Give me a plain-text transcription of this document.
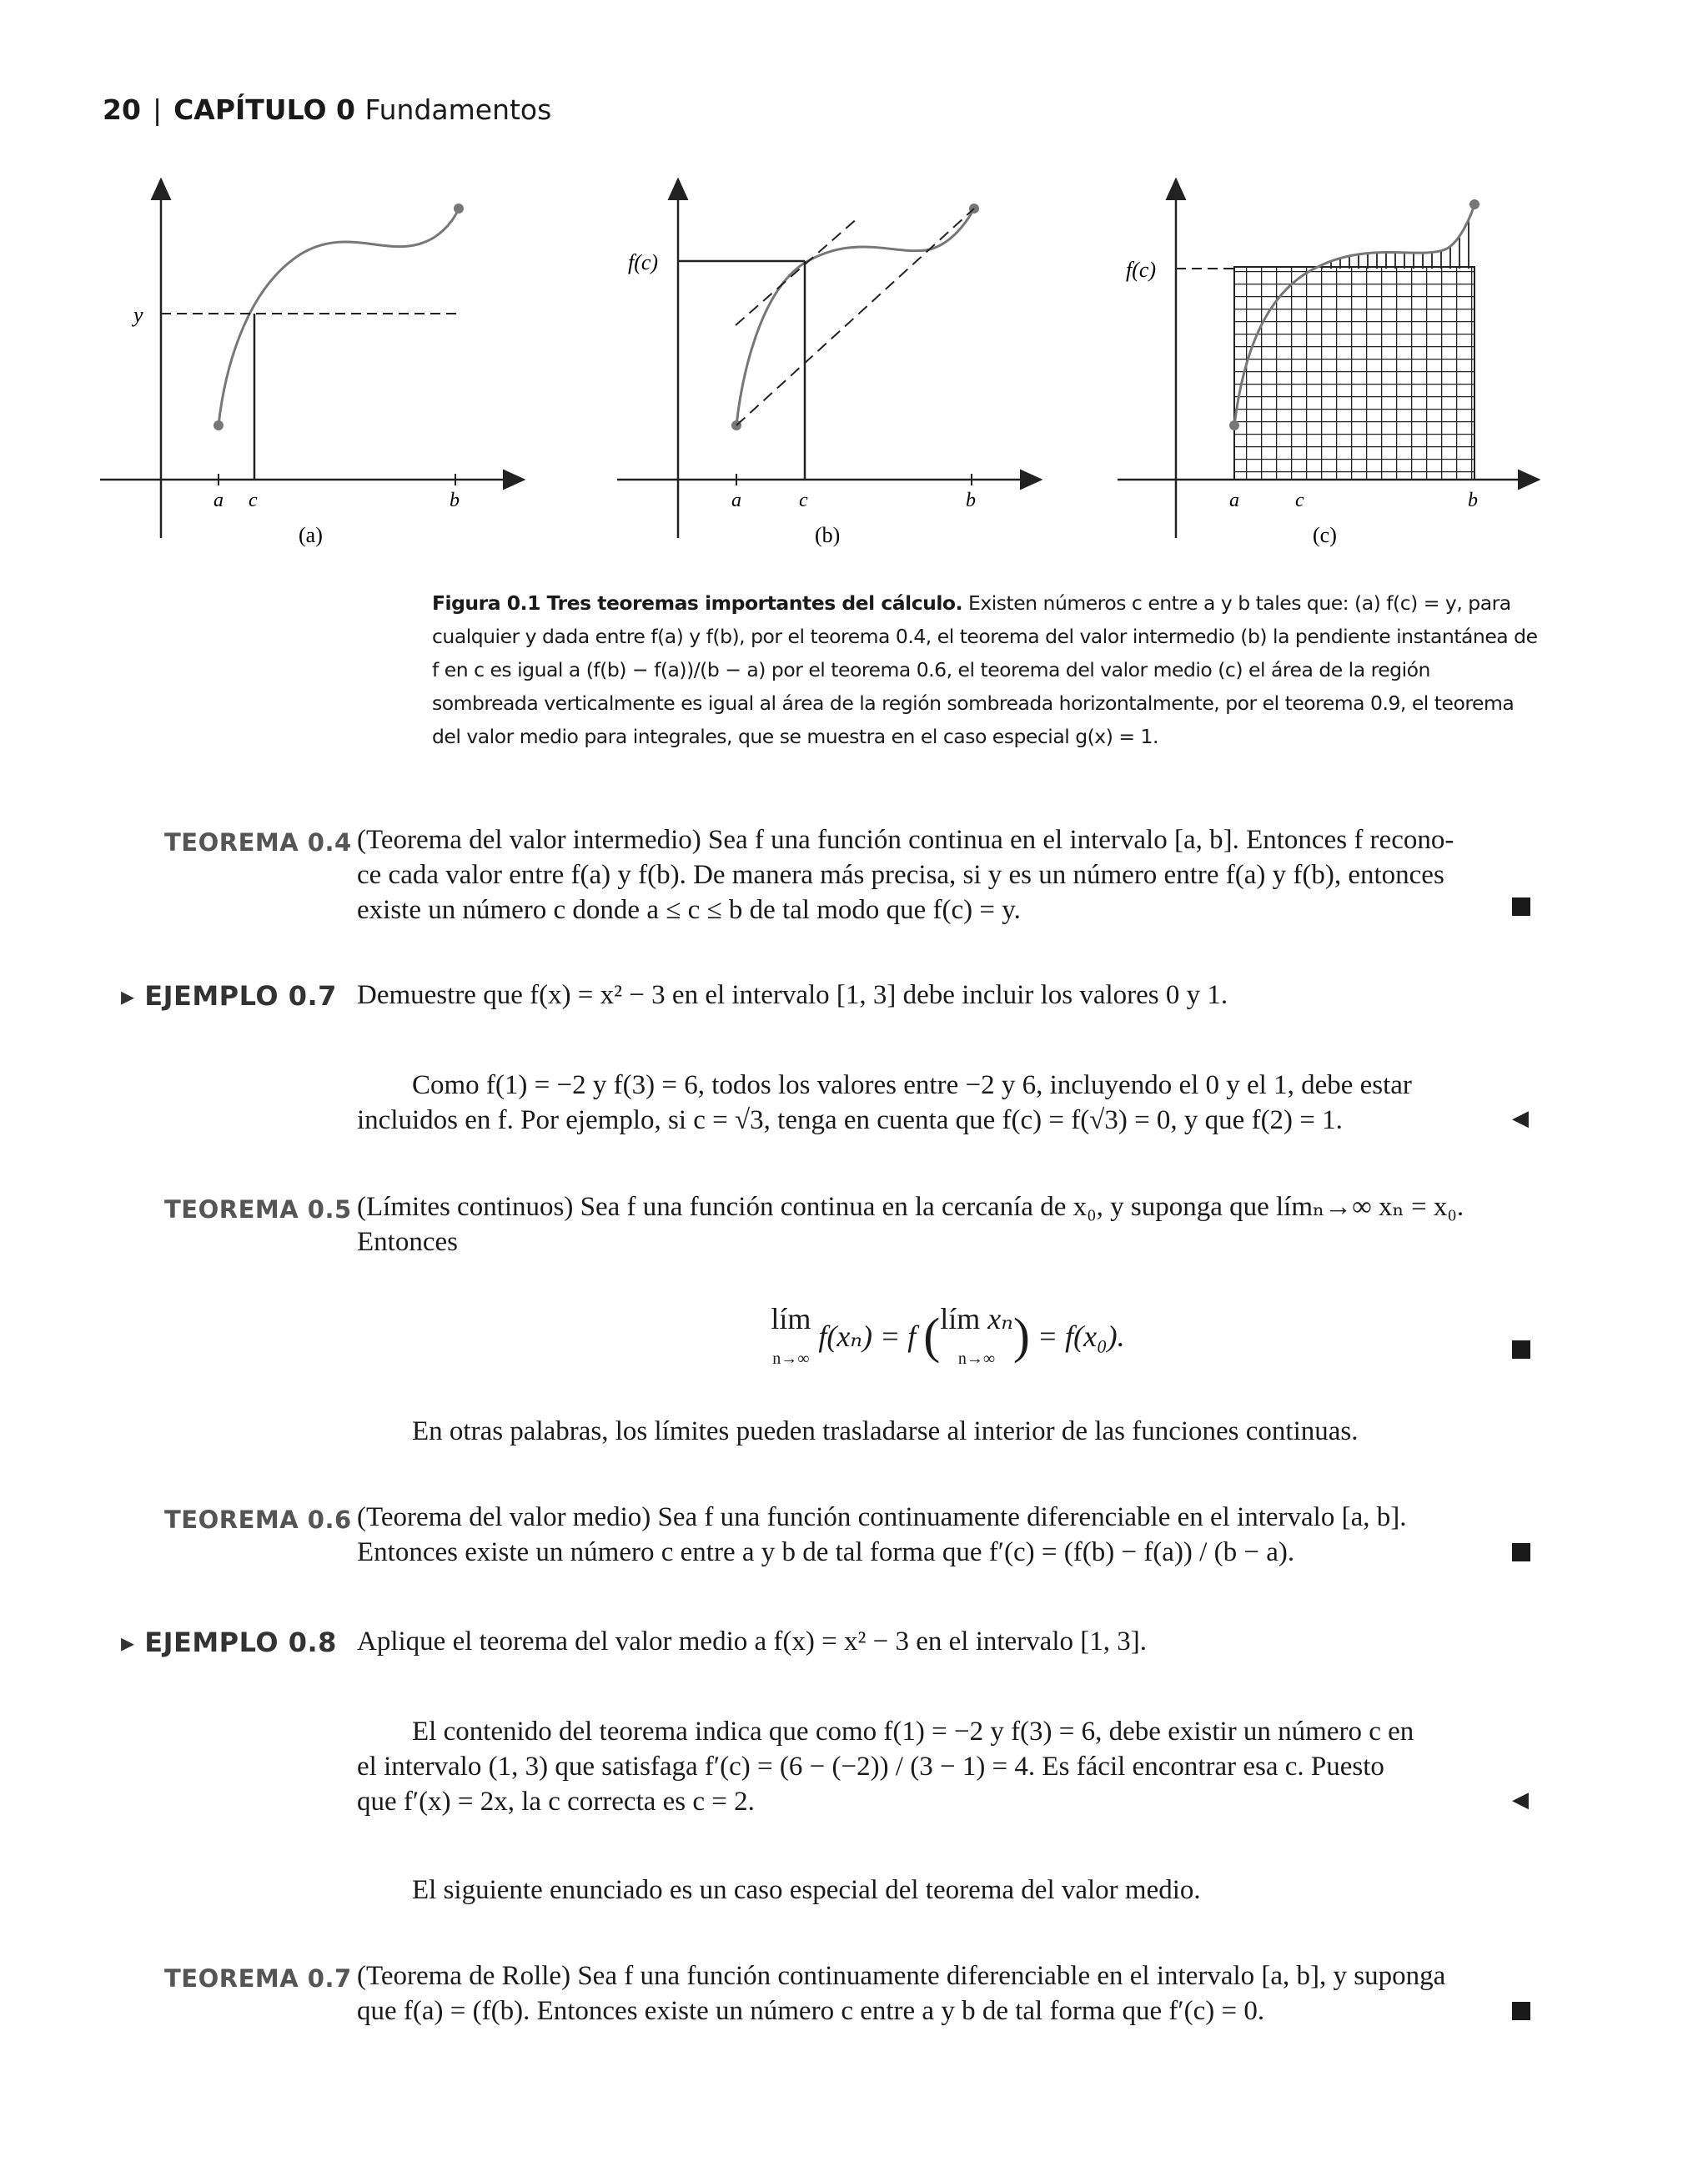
20 | CAPÍTULO 0 Fundamentos
y
a c	b
(a)
f(c)
a	c	b
(b)
f(c)
a	c	b
(c)
Figura 0.1 Tres teoremas importantes del cálculo. Existen números c entre a y b tales que: (a) f(c) = y, para cualquier y dada entre f(a) y f(b), por el teorema 0.4, el teorema del valor intermedio (b) la pendiente instantánea de f en c es igual a (f(b) − f(a))/(b − a) por el teorema 0.6, el teorema del valor medio (c) el área de la región sombreada verticalmente es igual al área de la región sombreada horizontalmente, por el teorema 0.9, el teorema del valor medio para integrales, que se muestra en el caso especial g(x) = 1.
TEOREMA 0.4 (Teorema del valor intermedio) Sea f una función continua en el intervalo [a, b]. Entonces f recono-
ce cada valor entre f(a) y f(b). De manera más precisa, si y es un número entre f(a) y f(b), entonces
existe un número c donde a ≤ c ≤ b de tal modo que f(c) = y.
▸ EJEMPLO 0.7 Demuestre que f(x) = x² − 3 en el intervalo [1, 3] debe incluir los valores 0 y 1.
Como f(1) = −2 y f(3) = 6, todos los valores entre −2 y 6, incluyendo el 0 y el 1, debe estar
incluidos en f. Por ejemplo, si c = √3, tenga en cuenta que f(c) = f(√3) = 0, y que f(2) = 1.	◀
TEOREMA 0.5 (Límites continuos) Sea f una función continua en la cercanía de x₀, y suponga que límₙ→∞ xₙ = x₀.
Entonces
lím
n→∞ f(xₙ) = f (lím xₙ
n→∞ ) = f(x₀).
En otras palabras, los límites pueden trasladarse al interior de las funciones continuas.
TEOREMA 0.6 (Teorema del valor medio) Sea f una función continuamente diferenciable en el intervalo [a, b].
Entonces existe un número c entre a y b de tal forma que f′(c) = (f(b) − f(a)) / (b − a).
▸ EJEMPLO 0.8 Aplique el teorema del valor medio a f(x) = x² − 3 en el intervalo [1, 3].
El contenido del teorema indica que como f(1) = −2 y f(3) = 6, debe existir un número c en
el intervalo (1, 3) que satisfaga f′(c) = (6 − (−2)) / (3 − 1) = 4. Es fácil encontrar esa c. Puesto
que f′(x) = 2x, la c correcta es c = 2.	◀
El siguiente enunciado es un caso especial del teorema del valor medio.
TEOREMA 0.7 (Teorema de Rolle) Sea f una función continuamente diferenciable en el intervalo [a, b], y suponga
que f(a) = (f(b). Entonces existe un número c entre a y b de tal forma que f′(c) = 0.
